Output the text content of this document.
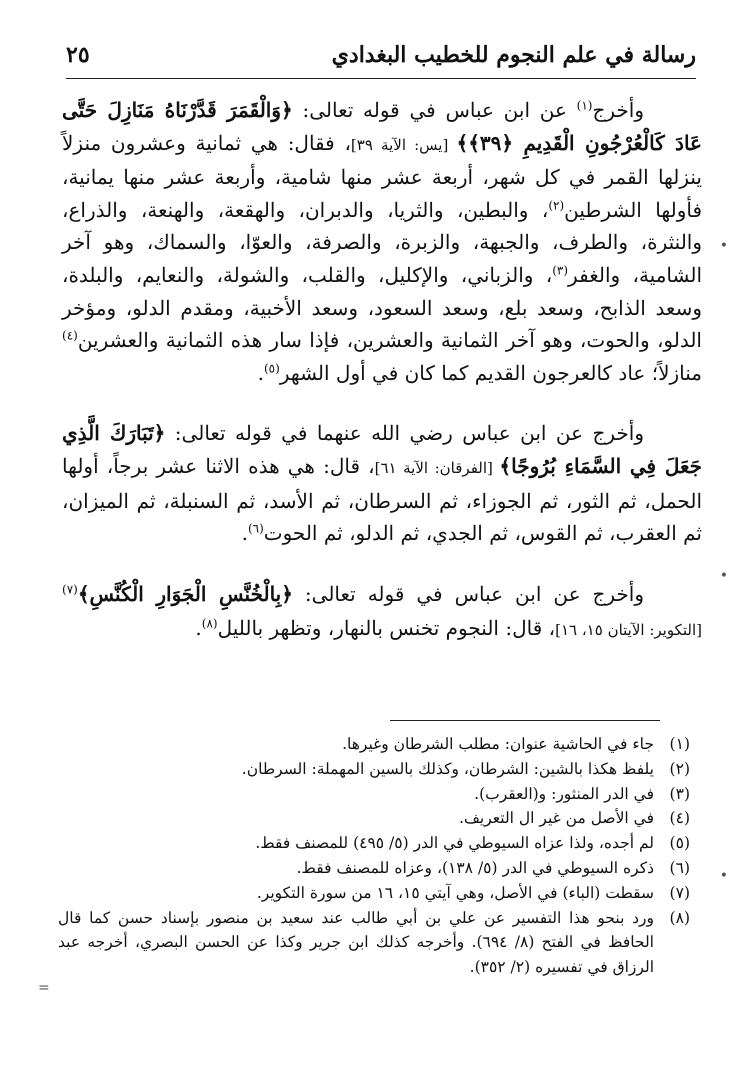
رسالة في علم النجوم للخطيب البغدادي
٢٥

وأخرج$^{(١)}$ عن ابن عباس في قوله تعالى: ﴿وَالْقَمَرَ قَدَّرْنَاهُ مَنَازِلَ حَتَّى عَادَ كَالْعُرْجُونِ الْقَدِيمِ ﴿٣٩﴾﴾ [يس: الآية ٣٩]، فقال: هي ثمانية وعشرون منزلاً ينزلها القمر في كل شهر، أربعة عشر منها شامية، وأربعة عشر منها يمانية، فأولها الشرطين$^{(٢)}$، والبطين، والثريا، والدبران، والهقعة، والهنعة، والذراع، والنثرة، والطرف، والجبهة، والزبرة، والصرفة، والعوّا، والسماك، وهو آخر الشامية، والغفر$^{(٣)}$، والزباني، والإكليل، والقلب، والشولة، والنعايم، والبلدة، وسعد الذابح، وسعد بلع، وسعد السعود، وسعد الأخبية، ومقدم الدلو، ومؤخر الدلو، والحوت، وهو آخر الثمانية والعشرين، فإذا سار هذه الثمانية والعشرين$^{(٤)}$ منازلاً؛ عاد كالعرجون القديم كما كان في أول الشهر$^{(٥)}$.

وأخرج عن ابن عباس رضي الله عنهما في قوله تعالى: ﴿تَبَارَكَ الَّذِي جَعَلَ فِي السَّمَاءِ بُرُوجًا﴾ [الفرقان: الآية ٦١]، قال: هي هذه الاثنا عشر برجاً، أولها الحمل، ثم الثور، ثم الجوزاء، ثم السرطان، ثم الأسد، ثم السنبلة، ثم الميزان، ثم العقرب، ثم القوس، ثم الجدي، ثم الدلو، ثم الحوت$^{(٦)}$.

وأخرج عن ابن عباس في قوله تعالى: ﴿بِالْخُنَّسِ الْجَوَارِ الْكُنَّسِ﴾$^{(٧)}$ [التكوير: الآيتان ١٥، ١٦]، قال: النجوم تخنس بالنهار، وتظهر بالليل$^{(٨)}$.

(١)
جاء في الحاشية عنوان: مطلب الشرطان وغيرها.
(٢)
يلفظ هكذا بالشين: الشرطان، وكذلك بالسين المهملة: السرطان.
(٣)
في الدر المنثور: و(العقرب).
(٤)
في الأصل من غير ال التعريف.
(٥)
لم أجده، ولذا عزاه السيوطي في الدر (٥/ ٤٩٥) للمصنف فقط.
(٦)
ذكره السيوطي في الدر (٥/ ١٣٨)، وعزاه للمصنف فقط.
(٧)
سقطت (الباء) في الأصل، وهي آيتي ١٥، ١٦ من سورة التكوير.
(٨)
ورد بنحو هذا التفسير عن علي بن أبي طالب عند سعيد بن منصور بإسناد حسن كما قال الحافظ في الفتح (٨/ ٦٩٤). وأخرجه كذلك ابن جرير وكذا عن الحسن البصري، أخرجه عبد الرزاق في تفسيره (٢/ ٣٥٢).
•
•
•
=
